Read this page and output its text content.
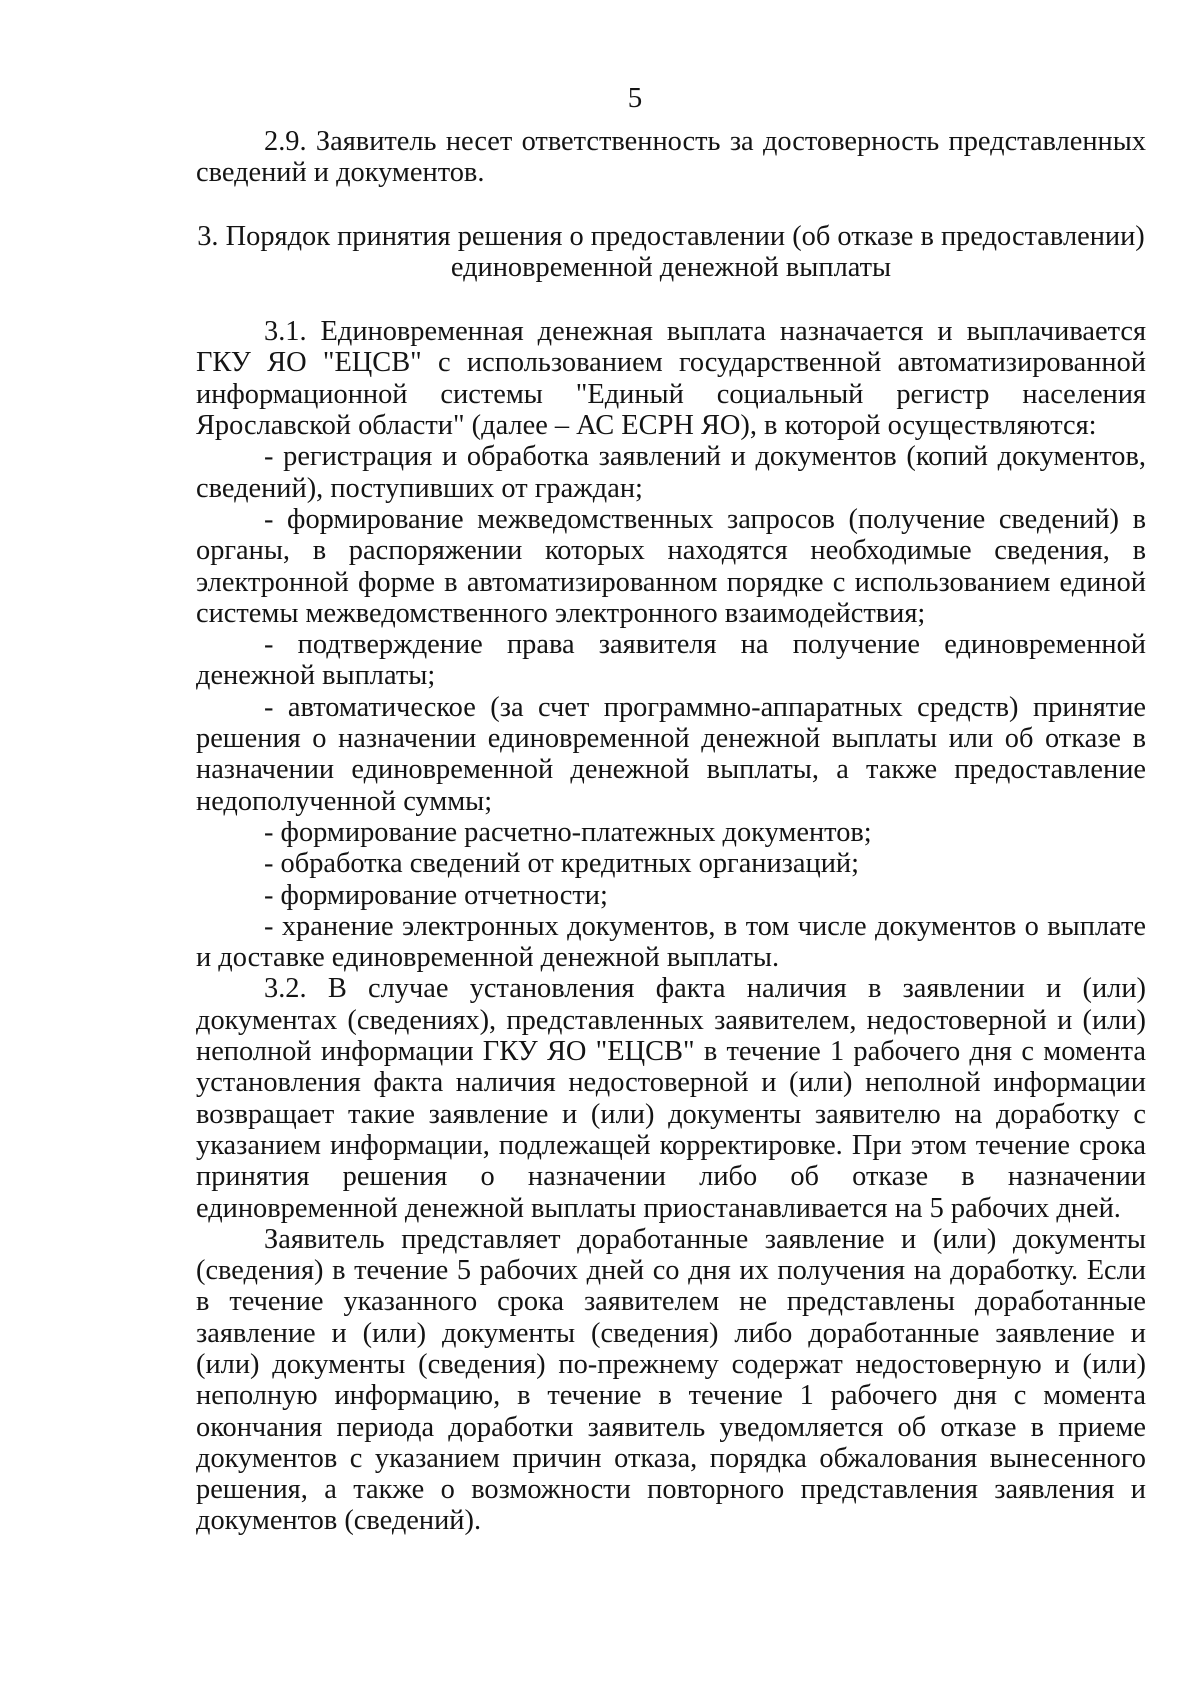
5

2.9. Заявитель несет ответственность за достоверность представленных сведений и документов.

3. Порядок принятия решения о предоставлении (об отказе в предоставлении)
единовременной денежной выплаты

3.1. Единовременная денежная выплата назначается и выплачивается ГКУ ЯО "ЕЦСВ" с использованием государственной автоматизированной информационной системы "Единый социальный регистр населения Ярославской области" (далее – АС ЕСРН ЯО), в которой осуществляются:

- регистрация и обработка заявлений и документов (копий документов, сведений), поступивших от граждан;

- формирование межведомственных запросов (получение сведений) в органы, в распоряжении которых находятся необходимые сведения, в электронной форме в автоматизированном порядке с использованием единой системы межведомственного электронного взаимодействия;

- подтверждение права заявителя на получение единовременной денежной выплаты;

- автоматическое (за счет программно-аппаратных средств) принятие решения о назначении единовременной денежной выплаты или об отказе в назначении единовременной денежной выплаты, а также предоставление недополученной суммы;

- формирование расчетно-платежных документов;

- обработка сведений от кредитных организаций;

- формирование отчетности;

- хранение электронных документов, в том числе документов о выплате и доставке единовременной денежной выплаты.

3.2. В случае установления факта наличия в заявлении и (или) документах (сведениях), представленных заявителем, недостоверной и (или) неполной информации ГКУ ЯО "ЕЦСВ" в течение 1 рабочего дня с момента установления факта наличия недостоверной и (или) неполной информации возвращает такие заявление и (или) документы заявителю на доработку с указанием информации, подлежащей корректировке. При этом течение срока принятия решения о назначении либо об отказе в назначении единовременной денежной выплаты приостанавливается на 5 рабочих дней.

Заявитель представляет доработанные заявление и (или) документы (сведения) в течение 5 рабочих дней со дня их получения на доработку. Если в течение указанного срока заявителем не представлены доработанные заявление и (или) документы (сведения) либо доработанные заявление и (или) документы (сведения) по-прежнему содержат недостоверную и (или) неполную информацию, в течение в течение 1 рабочего дня с момента окончания периода доработки заявитель уведомляется об отказе в приеме документов с указанием причин отказа, порядка обжалования вынесенного решения, а также о возможности повторного представления заявления и документов (сведений).
